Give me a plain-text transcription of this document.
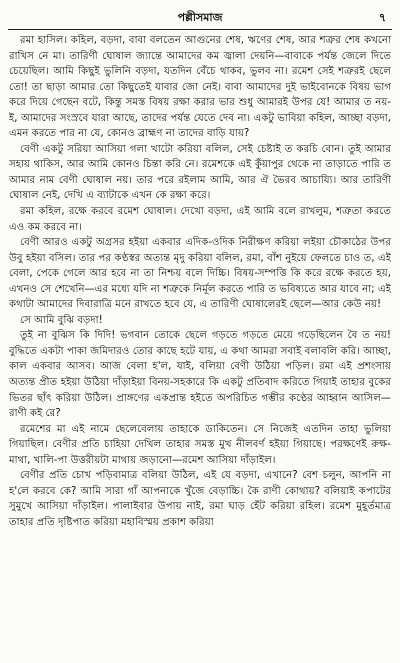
পল্লীসমাজ	৭

রমা হাসিল। কহিল, বড়দা, বাবা বলতেন আগুনের শেষ, ঋণের শেষ, আর শত্রুর শেষ কখনো রাখিস নে মা। তারিণী ঘোষাল জ্যান্তে আমাদের কম জ্বালা দেয়নি—বাবাকে পর্যন্ত জেলে দিতে চেয়েছিল। আমি কিছুই ভুলিনি বড়দা, যতদিন বেঁচে থাকব, ভুলব না। রমেশ সেই শত্রুরই ছেলে তো! তা ছাড়া আমার তো কিছুতেই যাবার জো নেই। বাবা আমাদের দুই ভাইবোনকে বিষয় ভাগ করে দিয়ে গেছেন বটে, কিন্তু সমস্ত বিষয় রক্ষা করার ভার শুধু আমারই উপর যে! আমার ত নয়-ই, আমাদের সংস্রবে যারা আছে, তাদের পর্যন্ত যেতে দেব না। একটু ভাবিয়া কহিল, আচ্ছা বড়দা, এমন করতে পার না যে, কোনও ব্রাহ্মণ না তাদের বাড়ি যায়?

বেণী একটু সরিয়া আসিয়া গলা খাটো করিয়া বলিল, সেই চেষ্টাই ত করচি বোন। তুই আমার সহায় থাকিস, আর আমি কোনও চিন্তা করি নে। রমেশকে এই কুঁয়াপুর থেকে না তাড়াতে পারি ত আমার নাম বেণী ঘোষাল নয়। তার পরে রইলাম আমি, আর ঐ ভৈরব আচায্যি। আর তারিণী ঘোষাল নেই, দেখি এ ব্যাটাকে এখন কে রক্ষা করে।

রমা কহিল, রক্ষে করবে রমেশ ঘোষাল। দেখো বড়দা, এই আমি বলে রাখলুম, শত্রুতা করতে এও কম করবে না।

বেণী আরও একটু অগ্রসর হইয়া একবার এদিক-ওদিক নিরীক্ষণ করিয়া লইয়া চৌকাঠের উপর উবু হইয়া বসিল। তার পর কণ্ঠস্বর অত্যন্ত মৃদু করিয়া বলিল, রমা, বাঁশ নুইয়ে ফেলতে চাও ত, এই বেলা, পেকে গেলে আর হবে না তা নিশ্চয় বলে দিচ্চি। বিষয়-সম্পত্তি কি করে রক্ষে করতে হয়, এখনও সে শেখেনি—এর মধ্যে যদি না শত্রুকে নির্মূল করতে পারি ত ভবিষ্যতে আর যাবে না; এই কথাটা আমাদের দিবারাত্রি মনে রাখতে হবে যে, এ তারিণী ঘোষালেরই ছেলে—আর কেউ নয়!

সে আমি বুঝি বড়দা!

তুই না বুঝিস কি দিদি! ভগবান তোকে ছেলে গড়তে গড়তে মেয়ে গড়েছিলেন বৈ ত নয়! বুদ্ধিতে একটা পাকা জমিদারও তোর কাছে হটে যায়, এ কথা আমরা সবাই বলাবলি করি। আচ্ছা, কাল একবার আসব। আজ বেলা হ'ল, যাই, বলিয়া বেণী উঠিয়া পড়িল। রমা এই প্রশংসায় অত্যন্ত প্রীত হইয়া উঠিয়া দাঁড়াইয়া বিনয়-সহকারে কি একটু প্রতিবাদ করিতে গিয়াই তাহার বুকের ভিতর ছাঁৎ করিয়া উঠিল। প্রাঙ্গণের একপ্রান্ত হইতে অপরিচিত গম্ভীর কণ্ঠের আহ্বান আসিল—রাণী কই রে?

রমেশের মা এই নামে ছেলেবেলায় তাহাকে ডাকিতেন। সে নিজেই এতদিন তাহা ভুলিয়া গিয়াছিল। বেণীর প্রতি চাহিয়া দেখিল তাহার সমস্ত মুখ নীলবর্ণ হইয়া গিয়াছে। পরক্ষণেই রুক্ষ-মাথা, খালি-পা উত্তরীয়টা মাথায় জড়ানো—রমেশ আসিয়া দাঁড়াইল।

বেণীর প্রতি চোখ পড়িবামাত্র বলিয়া উঠিল, এই যে বড়দা, এখানে? বেশ চলুন, আপনি না হ'লে করবে কে? আমি সারা গাঁ আপনাকে খুঁজে বেড়াচ্চি। কৈ রাণী কোথায়? বলিয়াই কপাটের সুমুখে আসিয়া দাঁড়াইল। পালাইবার উপায় নাই, রমা ঘাড় হেঁট করিয়া রহিল। রমেশ মুহূর্তমাত্র তাহার প্রতি দৃষ্টিপাত করিয়া মহাবিস্ময় প্রকাশ করিয়া
